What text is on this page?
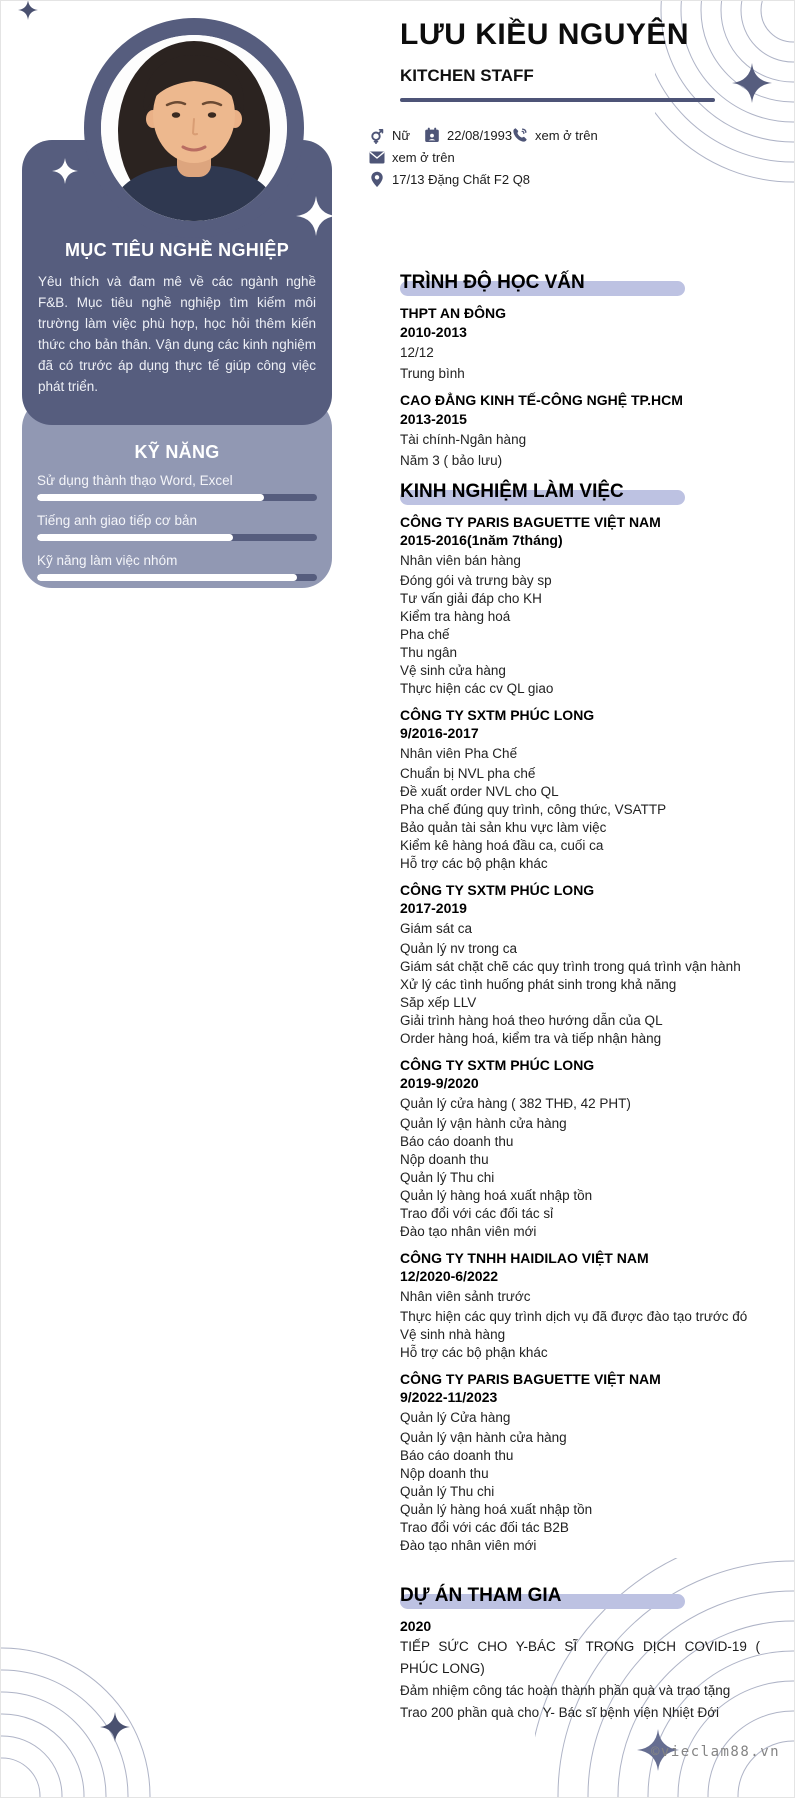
MỤC TIÊU NGHỀ NGHIỆP

Yêu thích và đam mê về các ngành nghề F&B. Mục tiêu nghề nghiệp tìm kiếm môi trường làm việc phù hợp, học hỏi thêm kiến thức cho bản thân. Vận dụng các kinh nghiệm đã có trước áp dụng thực tế giúp công việc phát triển.

KỸ NĂNG
Sử dụng thành thạo Word, Excel
Tiếng anh giao tiếp cơ bản
Kỹ năng làm việc nhóm
LƯU KIỀU NGUYÊN
KITCHEN STAFF
Nữ	22/08/1993 xem ở trên
xem ở trên
17/13 Đặng Chất F2 Q8
TRÌNH ĐỘ HỌC VẤN
THPT AN ĐÔNG
2010-2013
12/12
Trung bình
CAO ĐẲNG KINH TẾ-CÔNG NGHỆ TP.HCM
2013-2015
Tài chính-Ngân hàng
Năm 3 ( bảo lưu)
KINH NGHIỆM LÀM VIỆC
CÔNG TY PARIS BAGUETTE VIỆT NAM
2015-2016(1năm 7tháng)
Nhân viên bán hàng
Đóng gói và trưng bày sp
Tư vấn giải đáp cho KH
Kiểm tra hàng hoá
Pha chế
Thu ngân
Vệ sinh cửa hàng
Thực hiện các cv QL giao
CÔNG TY SXTM PHÚC LONG
9/2016-2017
Nhân viên Pha Chế
Chuẩn bị NVL pha chế
Đề xuất order NVL cho QL
Pha chế đúng quy trình, công thức, VSATTP
Bảo quản tài sản khu vực làm việc
Kiểm kê hàng hoá đầu ca, cuối ca
Hỗ trợ các bộ phận khác
CÔNG TY SXTM PHÚC LONG
2017-2019
Giám sát ca
Quản lý nv trong ca
Giám sát chặt chẽ các quy trình trong quá trình vận hành
Xử lý các tình huống phát sinh trong khả năng
Săp xếp LLV
Giải trình hàng hoá theo hướng dẫn của QL
Order hàng hoá, kiểm tra và tiếp nhận hàng
CÔNG TY SXTM PHÚC LONG
2019-9/2020
Quản lý cửa hàng ( 382 THĐ, 42 PHT)
Quản lý vận hành cửa hàng
Báo cáo doanh thu
Nộp doanh thu
Quản lý Thu chi
Quản lý hàng hoá xuất nhập tồn
Trao đổi với các đối tác sỉ
Đào tạo nhân viên mới
CÔNG TY TNHH HAIDILAO VIỆT NAM
12/2020-6/2022
Nhân viên sảnh trước
Thực hiện các quy trình dịch vụ đã được đào tạo trước đó
Vệ sinh nhà hàng
Hỗ trợ các bộ phận khác
CÔNG TY PARIS BAGUETTE VIỆT NAM
9/2022-11/2023
Quản lý Cửa hàng
Quản lý vận hành cửa hàng
Báo cáo doanh thu
Nộp doanh thu
Quản lý Thu chi
Quản lý hàng hoá xuất nhập tồn
Trao đổi với các đối tác B2B
Đào tạo nhân viên mới
DỰ ÁN THAM GIA
2020
TIẾP SỨC CHO Y-BÁC SĨ TRONG DỊCH COVID-19 ( PHÚC LONG)
Đảm nhiệm công tác hoàn thành phần quà và trao tặng
Trao 200 phần quà cho Y- Bác sĩ bệnh viện Nhiệt Đới
©vieclam88.vn
